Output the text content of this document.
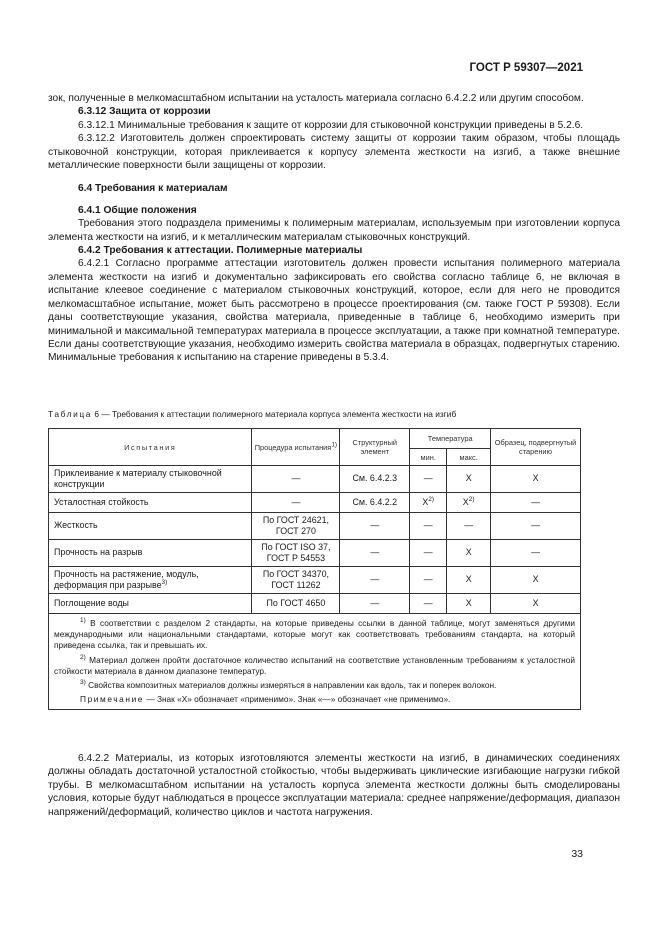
ГОСТ Р 59307—2021
зок, полученные в мелкомасштабном испытании на усталость материала согласно 6.4.2.2 или другим способом.
6.3.12 Защита от коррозии
6.3.12.1 Минимальные требования к защите от коррозии для стыковочной конструкции приведены в 5.2.6.
6.3.12.2 Изготовитель должен спроектировать систему защиты от коррозии таким образом, чтобы площадь стыковочной конструкции, которая приклеивается к корпусу элемента жесткости на изгиб, а также внешние металлические поверхности были защищены от коррозии.
6.4 Требования к материалам
6.4.1 Общие положения
Требования этого подраздела применимы к полимерным материалам, используемым при изготовлении корпуса элемента жесткости на изгиб, и к металлическим материалам стыковочных конструкций.
6.4.2 Требования к аттестации. Полимерные материалы
6.4.2.1 Согласно программе аттестации изготовитель должен провести испытания полимерного материала элемента жесткости на изгиб и документально зафиксировать его свойства согласно таблице 6, не включая в испытание клеевое соединение с материалом стыковочных конструкций, которое, если для него не проводится мелкомасштабное испытание, может быть рассмотрено в процессе проектирования (см. также ГОСТ Р 59308). Если даны соответствующие указания, свойства материала, приведенные в таблице 6, необходимо измерить при минимальной и максимальной температурах материала в процессе эксплуатации, а также при комнатной температуре. Если даны соответствующие указания, необходимо измерить свойства материала в образцах, подвергнутых старению. Минимальные требования к испытанию на старение приведены в 5.3.4.
Таблица 6 — Требования к аттестации полимерного материала корпуса элемента жесткости на изгиб
Испытания	Процедура испытания$^{1)}$	Структурный элемент	Температура		Образец, подвергнутый старению
			мин.	макс.	
Приклеивание к материалу стыковочной конструкции	—	См. 6.4.2.3	—	X	X
Усталостная стойкость	—	См. 6.4.2.2	$X^{2)}$	$X^{2)}$	—
Жесткость	По ГОСТ 24621, ГОСТ 270	—	—	—	—
Прочность на разрыв	По ГОСТ ISO 37, ГОСТ Р 54553	—	—	X	—
Прочность на растяжение, модуль, деформация при разрыве$^{3)}$	По ГОСТ 34370, ГОСТ 11262	—	—	X	X
Поглощение воды	По ГОСТ 4650	—	—	X	X

$^{1)}$ В соответствии с разделом 2 стандарты, на которые приведены ссылки в данной таблице, могут заменяться другими международными или национальными стандартами, которые могут как соответствовать требованиям стандарта, на который приведена ссылка, так и превышать их.
$^{2)}$ Материал должен пройти достаточное количество испытаний на соответствие установленным требованиям к усталостной стойкости материала в данном диапазоне температур.
$^{3)}$ Свойства композитных материалов должны измеряться в направлении как вдоль, так и поперек волокон.
Примечание — Знак «X» обозначает «применимо». Знак «—» обозначает «не применимо».					
6.4.2.2 Материалы, из которых изготовляются элементы жесткости на изгиб, в динамических соединениях должны обладать достаточной усталостной стойкостью, чтобы выдерживать циклические изгибающие нагрузки гибкой трубы. В мелкомасштабном испытании на усталость корпуса элемента жесткости должны быть смоделированы условия, которые будут наблюдаться в процессе эксплуатации материала: среднее напряжение/деформация, диапазон напряжений/деформаций, количество циклов и частота нагружения.
33
